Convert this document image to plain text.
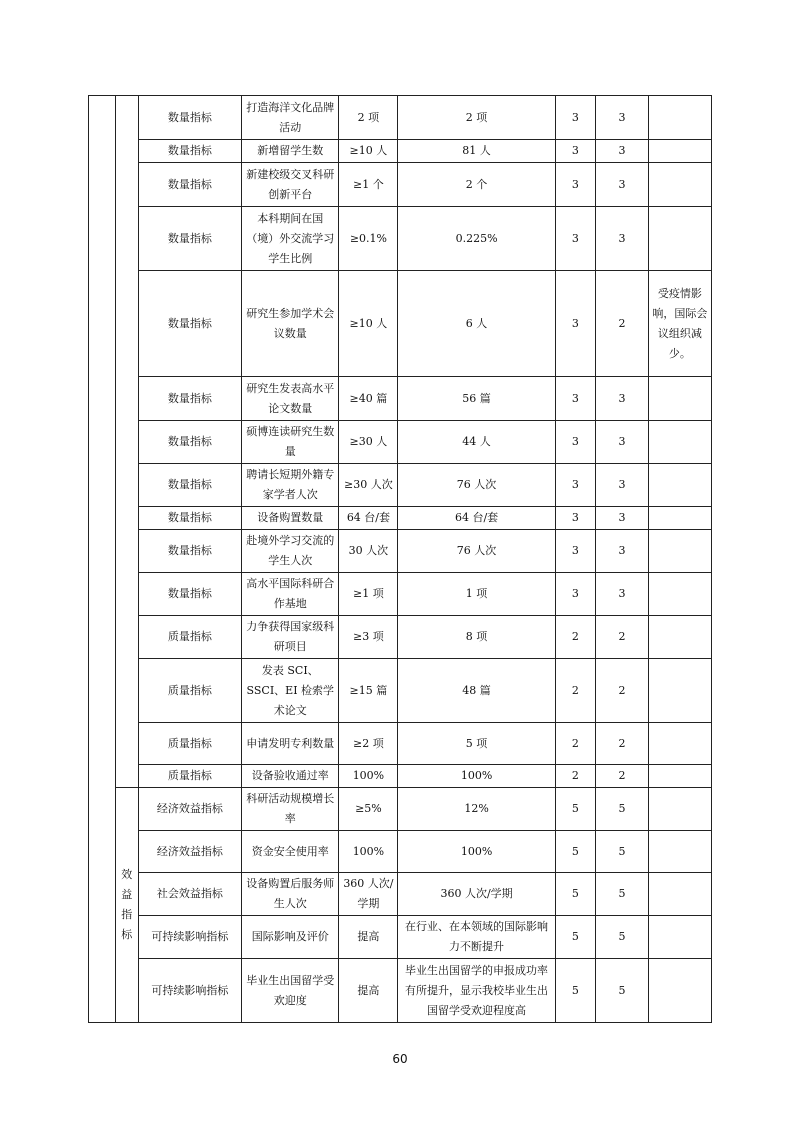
		数量指标	打造海洋文化品牌活动	2 项	2 项	3	3	
		数量指标	新增留学生数	≥10 人	81 人	3	3	
		数量指标	新建校级交叉科研创新平台	≥1 个	2 个	3	3	
		数量指标	本科期间在国（境）外交流学习学生比例	≥0.1%	0.225%	3	3	
		数量指标	研究生参加学术会议数量	≥10 人	6 人	3	2	受疫情影响，国际会议组织减少。
		数量指标	研究生发表高水平论文数量	≥40 篇	56 篇	3	3	
		数量指标	硕博连读研究生数量	≥30 人	44 人	3	3	
		数量指标	聘请长短期外籍专家学者人次	≥30 人次	76 人次	3	3	
		数量指标	设备购置数量	64 台/套	64 台/套	3	3	
		数量指标	赴境外学习交流的学生人次	30 人次	76 人次	3	3	
		数量指标	高水平国际科研合作基地	≥1 项	1 项	3	3	
		质量指标	力争获得国家级科研项目	≥3 项	8 项	2	2	
		质量指标	发表 SCI、SSCI、EI 检索学术论文	≥15 篇	48 篇	2	2	
		质量指标	申请发明专利数量	≥2 项	5 项	2	2	
		质量指标	设备验收通过率	100%	100%	2	2	
	效益指标	经济效益指标	科研活动规模增长率	≥5%	12%	5	5	
		经济效益指标	资金安全使用率	100%	100%	5	5	
		社会效益指标	设备购置后服务师生人次	360 人次/学期	360 人次/学期	5	5	
		可持续影响指标	国际影响及评价	提高	在行业、在本领域的国际影响力不断提升	5	5	
		可持续影响指标	毕业生出国留学受欢迎度	提高	毕业生出国留学的申报成功率有所提升，显示我校毕业生出国留学受欢迎程度高	5	5	
60
